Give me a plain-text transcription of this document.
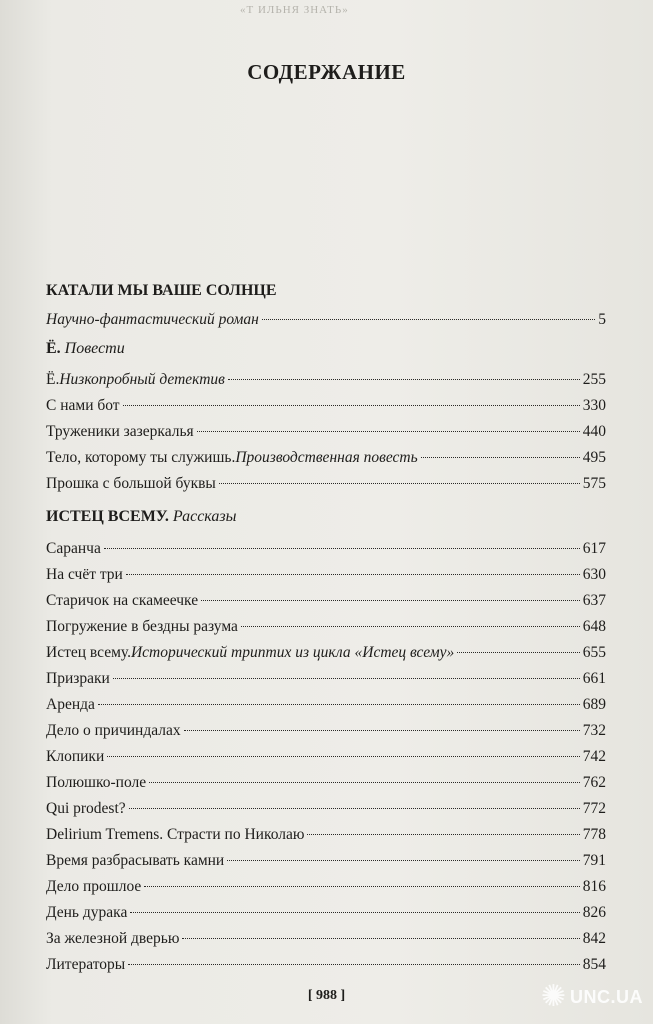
«Т ИЛЬНЯ ЗНАТЬ»
СОДЕРЖАНИЕ
КАТАЛИ МЫ ВАШЕ СОЛНЦЕ
Научно-фантастический роман	5
Ё. Повести
Ё. Низкопробный детектив	255
С нами бот	330
Труженики зазеркалья	440
Тело, которому ты служишь. Производственная повесть	495
Прошка с большой буквы	575
ИСТЕЦ ВСЕМУ. Рассказы
Саранча	617
На счёт три	630
Старичок на скамеечке	637
Погружение в бездны разума	648
Истец всему. Исторический триптих из цикла «Истец всему»	655
Призраки	661
Аренда	689
Дело о причиндалах	732
Клопики	742
Полюшко-поле	762
Qui prodest?	772
Delirium Tremens. Страсти по Николаю	778
Время разбрасывать камни	791
Дело прошлое	816
День дурака	826
За железной дверью	842
Литераторы	854
[ 988 ]	✺ UNC.UA
